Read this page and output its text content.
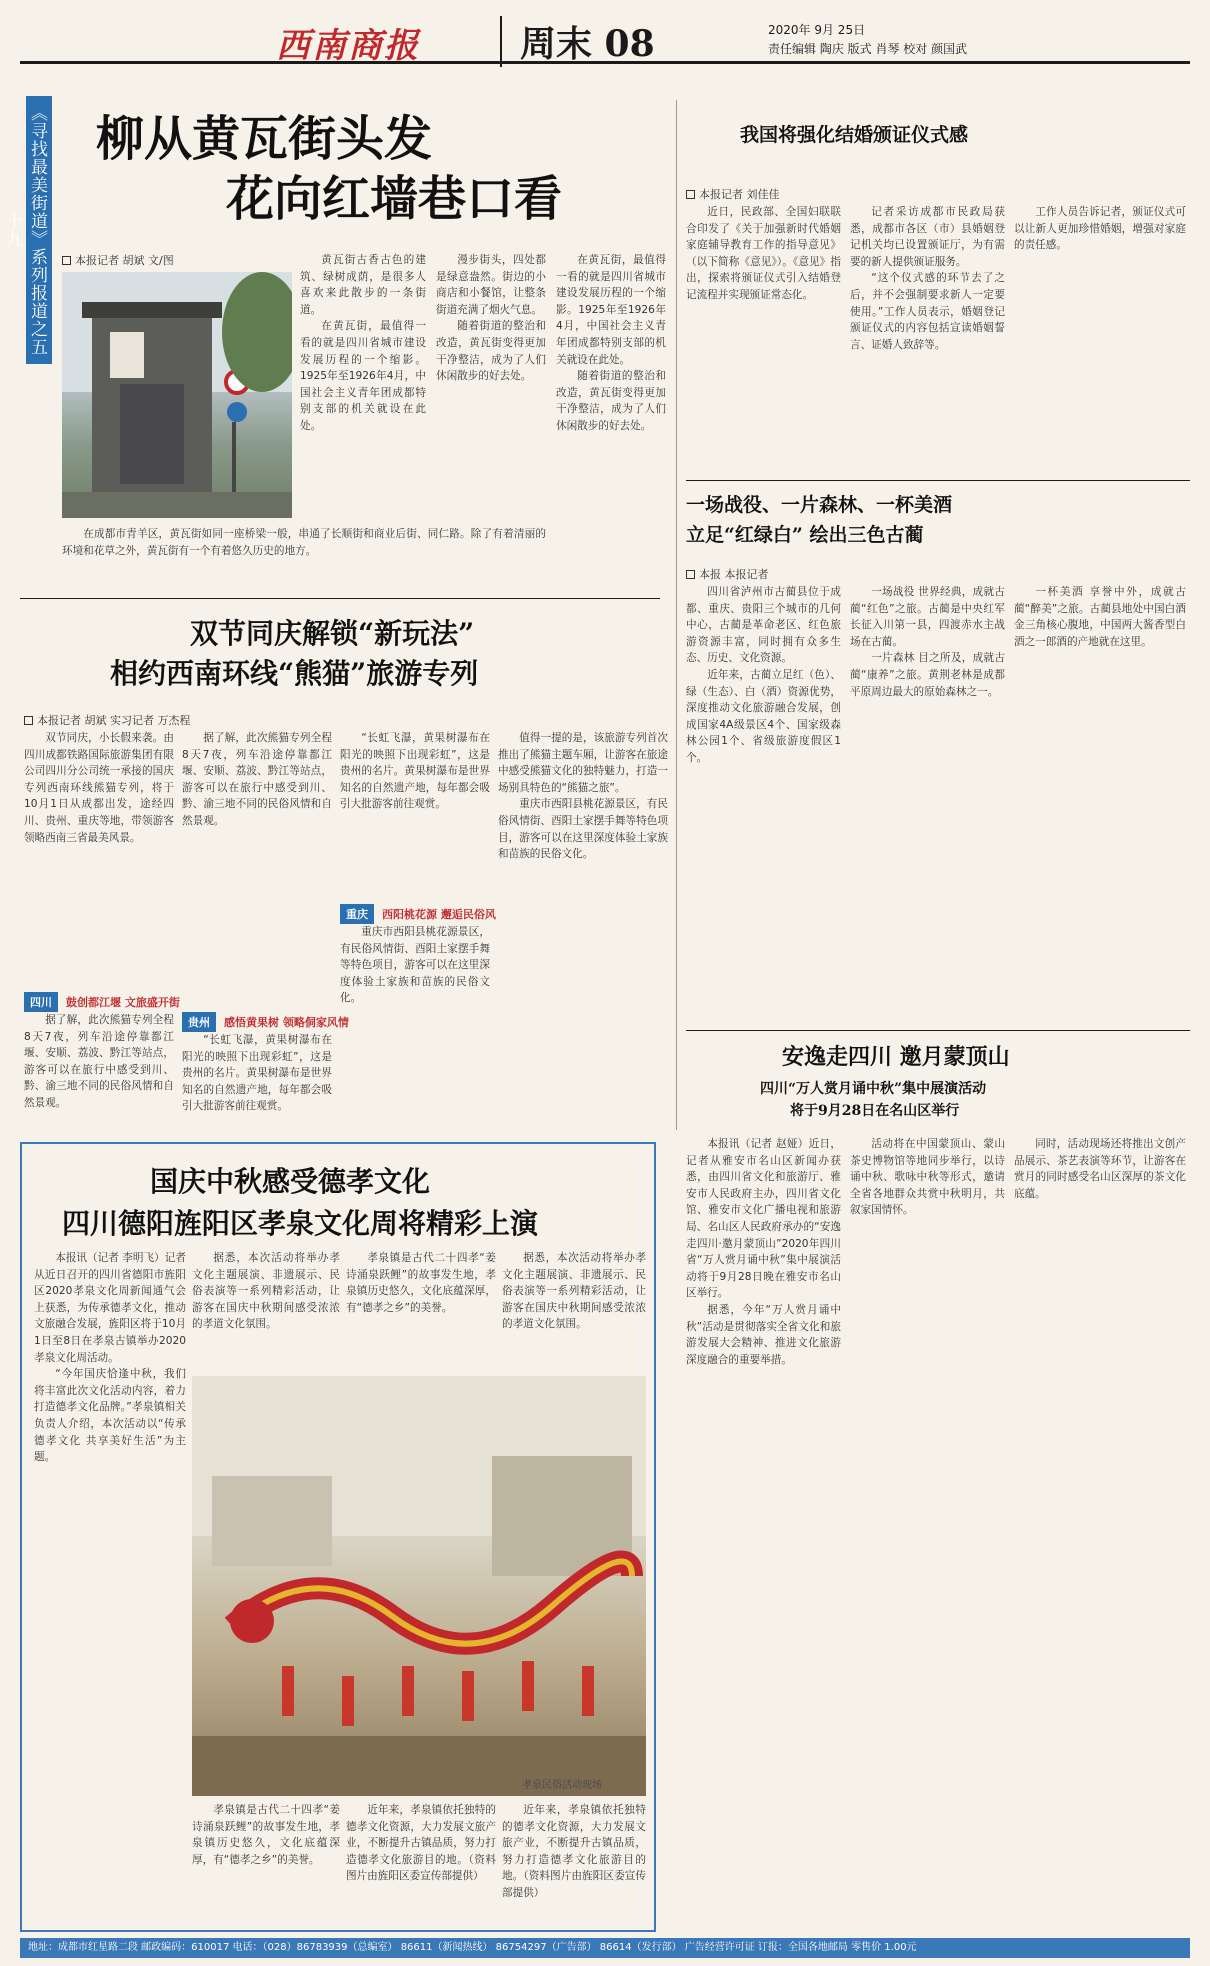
西南商报	周末 08	2020年 9月 25日
责任编辑 陶庆 版式 肖琴 校对 颜国武
《寻找最美街道》系列报道之五十九
柳从黄瓦街头发
花向红墙巷口看
本报记者 胡斌 文/图	黄瓦街古香古色的建筑、绿树成荫，是很多人喜欢来此散步的一条街道。

在黄瓦街，最值得一看的就是四川省城市建设发展历程的一个缩影。1925年至1926年4月，中国社会主义青年团成都特别支部的机关就设在此处。

漫步街头，四处都是绿意盎然。街边的小商店和小餐馆，让整条街道充满了烟火气息。

随着街道的整治和改造，黄瓦街变得更加干净整洁，成为了人们休闲散步的好去处。

在成都市青羊区，黄瓦街如同一座桥梁一般，串通了长顺街和商业后街、同仁路。除了有着清丽的环境和花草之外，黄瓦街有一个有着悠久历史的地方。

在黄瓦街，最值得一看的就是四川省城市建设发展历程的一个缩影。1925年至1926年4月，中国社会主义青年团成都特别支部的机关就设在此处。

随着街道的整治和改造，黄瓦街变得更加干净整洁，成为了人们休闲散步的好去处。

我国将强化结婚颁证仪式感
本报记者 刘佳佳

近日，民政部、全国妇联联合印发了《关于加强新时代婚姻家庭辅导教育工作的指导意见》（以下简称《意见》）。《意见》指出，探索将颁证仪式引入结婚登记流程并实现颁证常态化。

记者采访成都市民政局获悉，成都市各区（市）县婚姻登记机关均已设置颁证厅，为有需要的新人提供颁证服务。

“这个仪式感的环节去了之后，并不会强制要求新人一定要使用。”工作人员表示，婚姻登记颁证仪式的内容包括宣读婚姻誓言、证婚人致辞等。

工作人员告诉记者，颁证仪式可以让新人更加珍惜婚姻，增强对家庭的责任感。

一场战役、一片森林、一杯美酒
立足“红绿白” 绘出三色古蔺
本报 本报记者

四川省泸州市古蔺县位于成都、重庆、贵阳三个城市的几何中心，古蔺是革命老区、红色旅游资源丰富，同时拥有众多生态、历史、文化资源。

近年来，古蔺立足红（色）、绿（生态）、白（酒）资源优势，深度推动文化旅游融合发展，创成国家4A级景区4个、国家级森林公园1个、省级旅游度假区1个。

一场战役 世界经典，成就古蔺“红色”之旅。古蔺是中央红军长征入川第一县，四渡赤水主战场在古蔺。

一片森林 目之所及，成就古蔺“康养”之旅。黄荆老林是成都平原周边最大的原始森林之一。

一杯美酒 享誉中外，成就古蔺“醉美”之旅。古蔺县地处中国白酒金三角核心腹地，中国两大酱香型白酒之一郎酒的产地就在这里。

双节同庆解锁“新玩法”
相约西南环线“熊猫”旅游专列
本报记者 胡斌 实习记者 万杰程

双节同庆，小长假来袭。由四川成都铁路国际旅游集团有限公司四川分公司统一承接的国庆专列西南环线熊猫专列，将于10月1日从成都出发，途经四川、贵州、重庆等地，带领游客领略西南三省最美风景。

四川	鼓创都江堰 文旅盛开街

据了解，此次熊猫专列全程8天7夜，列车沿途停靠都江堰、安顺、荔波、黔江等站点，游客可以在旅行中感受到川、黔、渝三地不同的民俗风情和自然景观。

据了解，此次熊猫专列全程8天7夜，列车沿途停靠都江堰、安顺、荔波、黔江等站点，游客可以在旅行中感受到川、黔、渝三地不同的民俗风情和自然景观。

贵州	感悟黄果树 领略侗家风情

“长虹飞瀑，黄果树瀑布在阳光的映照下出现彩虹”，这是贵州的名片。黄果树瀑布是世界知名的自然遗产地，每年都会吸引大批游客前往观赏。

“长虹飞瀑，黄果树瀑布在阳光的映照下出现彩虹”，这是贵州的名片。黄果树瀑布是世界知名的自然遗产地，每年都会吸引大批游客前往观赏。

重庆	西阳桃花源 邂逅民俗风

重庆市西阳县桃花源景区，有民俗风情街、酉阳土家摆手舞等特色项目，游客可以在这里深度体验土家族和苗族的民俗文化。

值得一提的是，该旅游专列首次推出了熊猫主题车厢，让游客在旅途中感受熊猫文化的独特魅力，打造一场别具特色的“熊猫之旅”。

重庆市西阳县桃花源景区，有民俗风情街、酉阳土家摆手舞等特色项目，游客可以在这里深度体验土家族和苗族的民俗文化。

安逸走四川 邀月蒙顶山
四川“万人赏月诵中秋”集中展演活动
将于9月28日在名山区举行

本报讯（记者 赵娅）近日，记者从雅安市名山区新闻办获悉，由四川省文化和旅游厅、雅安市人民政府主办，四川省文化馆、雅安市文化广播电视和旅游局、名山区人民政府承办的“安逸走四川·邀月蒙顶山”2020年四川省“万人赏月诵中秋”集中展演活动将于9月28日晚在雅安市名山区举行。

据悉，今年“万人赏月诵中秋”活动是贯彻落实全省文化和旅游发展大会精神、推进文化旅游深度融合的重要举措。

活动将在中国蒙顶山、蒙山茶史博物馆等地同步举行，以诗诵中秋、歌咏中秋等形式，邀请全省各地群众共赏中秋明月，共叙家国情怀。

同时，活动现场还将推出文创产品展示、茶艺表演等环节，让游客在赏月的同时感受名山区深厚的茶文化底蕴。

国庆中秋感受德孝文化
四川德阳旌阳区孝泉文化周将精彩上演

本报讯（记者 李明飞）记者从近日召开的四川省德阳市旌阳区2020孝泉文化周新闻通气会上获悉，为传承德孝文化，推动文旅融合发展，旌阳区将于10月1日至8日在孝泉古镇举办2020孝泉文化周活动。

“今年国庆恰逢中秋，我们将丰富此次文化活动内容，着力打造德孝文化品牌。”孝泉镇相关负责人介绍，本次活动以“传承德孝文化 共享美好生活”为主题。

据悉，本次活动将举办孝文化主题展演、非遗展示、民俗表演等一系列精彩活动，让游客在国庆中秋期间感受浓浓的孝道文化氛围。

孝泉镇是古代二十四孝“姜诗涌泉跃鲤”的故事发生地，孝泉镇历史悠久，文化底蕴深厚，有“德孝之乡”的美誉。

据悉，本次活动将举办孝文化主题展演、非遗展示、民俗表演等一系列精彩活动，让游客在国庆中秋期间感受浓浓的孝道文化氛围。

孝泉民俗活动现场

孝泉镇是古代二十四孝“姜诗涌泉跃鲤”的故事发生地，孝泉镇历史悠久，文化底蕴深厚，有“德孝之乡”的美誉。

近年来，孝泉镇依托独特的德孝文化资源，大力发展文旅产业，不断提升古镇品质，努力打造德孝文化旅游目的地。（资料图片由旌阳区委宣传部提供）

近年来，孝泉镇依托独特的德孝文化资源，大力发展文旅产业，不断提升古镇品质，努力打造德孝文化旅游目的地。（资料图片由旌阳区委宣传部提供）

地址：成都市红星路二段 邮政编码：610017 电话：（028）86783939（总编室） 86611（新闻热线） 86754297（广告部） 86614（发行部） 广告经营许可证 订报：全国各地邮局 零售价 1.00元
